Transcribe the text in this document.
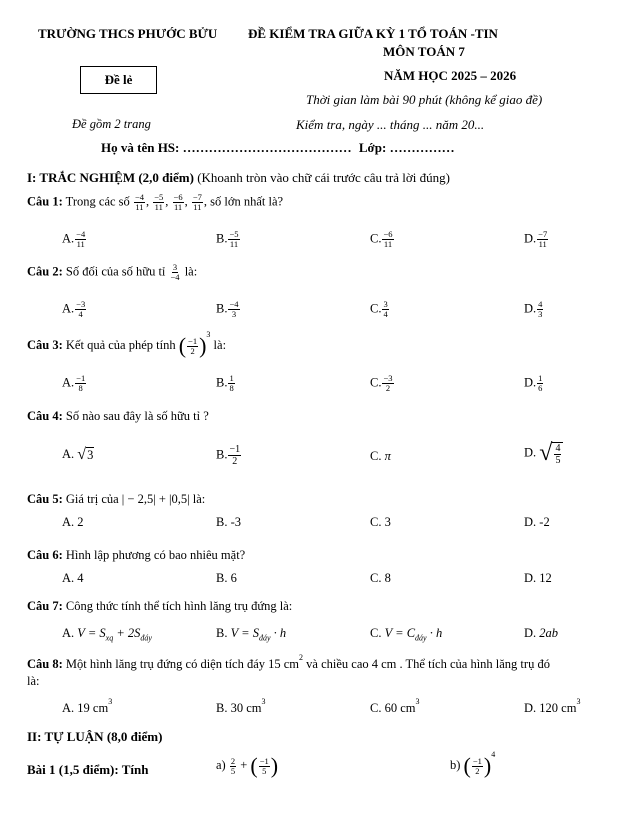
TRƯỜNG THCS PHƯỚC BỬU ĐỀ KIỂM TRA GIỮA KỲ 1 TỔ TOÁN -TIN
MÔN TOÁN 7
Đề lẻ	NĂM HỌC 2025 – 2026
Thời gian làm bài 90 phút (không kể giao đề)
Đề gồm 2 trang	Kiểm tra, ngày ... tháng ... năm 20...
Họ và tên HS: ………………………………… Lớp: ……………
I: TRẮC NGHIỆM (2,0 điểm) (Khoanh tròn vào chữ cái trước câu trả lời đúng)
Câu 1: Trong các số $\frac{-4}{11}$ , $\frac{-5}{11}$ , $\frac{-6}{11}$ , $\frac{-7}{11}$ , số lớn nhất là?
A. $\frac{-4}{11}$	B. $\frac{-5}{11}$	C. $\frac{-6}{11}$	D. $\frac{-7}{11}$
Câu 2: Số đối của số hữu tỉ $\frac{3}{-4}$ là:
A. $\frac{-3}{4}$	B. $\frac{-4}{3}$	C. $\frac{3}{4}$	D. $\frac{4}{3}$
Câu 3: Kết quả của phép tính ( $\frac{-1}{2} )^3$ là:
A. $\frac{-1}{8}$	B. $\frac{1}{8}$	C. $\frac{-3}{2}$	D. $\frac{1}{6}$
Câu 4: Số nào sau đây là số hữu tỉ ?
A. √ 3	B. $\frac{-1}{2}$	C. π	D. √ $\frac{4}{5}$
Câu 5: Giá trị của | − 2,5| + |0,5| là:
A. 2	B. -3	C. 3	D. -2
Câu 6: Hình lập phương có bao nhiêu mặt?
A. 4	B. 6	C. 8	D. 12
Câu 7: Công thức tính thể tích hình lăng trụ đứng là:
A. $V = S_{xq} + 2S_{đáy}$	B. $V = S_{đáy} \cdot h$	C. $V = C_{đáy} \cdot h$	D. 2ab
Câu 8: Một hình lăng trụ đứng có diện tích đáy 15 $cm^2$ và chiều cao 4 cm . Thể tích của hình lăng trụ đó
là:
A. 19 $cm^3$	B. 30 $cm^3$	C. 60 $cm^3$	D. 120 $cm^3$
II: TỰ LUẬN (8,0 điểm)
Bài 1 (1,5 điểm): Tính	$a) \frac{2}{5}$ + ( $\frac{-1}{5}$ )	b) ( $\frac{-1}{2} )^4$
